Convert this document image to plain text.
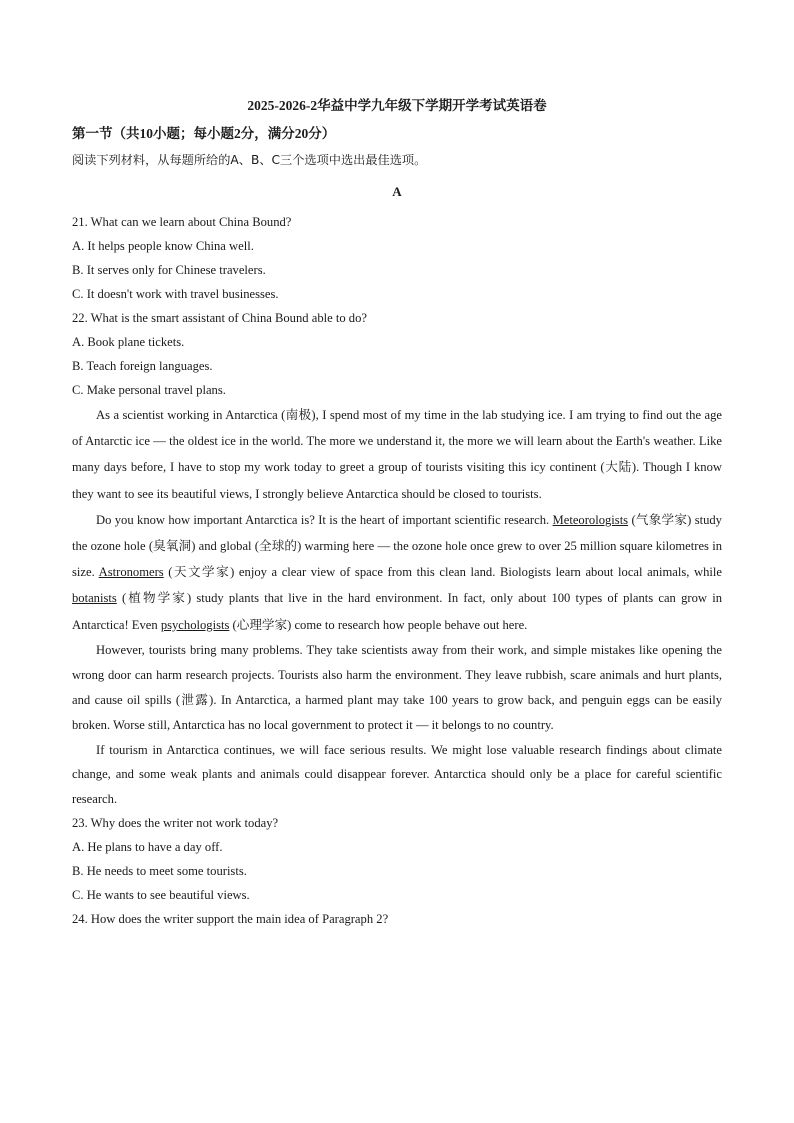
2025-2026-2华益中学九年级下学期开学考试英语卷
第一节（共10小题；每小题2分，满分20分）
阅读下列材料，从每题所给的A、B、C三个选项中选出最佳选项。
A
21. What can we learn about China Bound?
A. It helps people know China well.
B. It serves only for Chinese travelers.
C. It doesn't work with travel businesses.
22. What is the smart assistant of China Bound able to do?
A. Book plane tickets.
B. Teach foreign languages.
C. Make personal travel plans.

As a scientist working in Antarctica (南极), I spend most of my time in the lab studying ice. I am trying to find out the age of Antarctic ice — the oldest ice in the world. The more we understand it, the more we will learn about the Earth's weather. Like many days before, I have to stop my work today to greet a group of tourists visiting this icy continent (大陆). Though I know they want to see its beautiful views, I strongly believe Antarctica should be closed to tourists.

Do you know how important Antarctica is? It is the heart of important scientific research. Meteorologists (气象学家) study the ozone hole (臭氧洞) and global (全球的) warming here — the ozone hole once grew to over 25 million square kilometres in size. Astronomers (天文学家) enjoy a clear view of space from this clean land. Biologists learn about local animals, while botanists (植物学家) study plants that live in the hard environment. In fact, only about 100 types of plants can grow in Antarctica! Even psychologists (心理学家) come to research how people behave out here.

However, tourists bring many problems. They take scientists away from their work, and simple mistakes like opening the wrong door can harm research projects. Tourists also harm the environment. They leave rubbish, scare animals and hurt plants, and cause oil spills (泄露). In Antarctica, a harmed plant may take 100 years to grow back, and penguin eggs can be easily broken. Worse still, Antarctica has no local government to protect it — it belongs to no country.

If tourism in Antarctica continues, we will face serious results. We might lose valuable research findings about climate change, and some weak plants and animals could disappear forever. Antarctica should only be a place for careful scientific research.

23. Why does the writer not work today?
A. He plans to have a day off.
B. He needs to meet some tourists.
C. He wants to see beautiful views.
24. How does the writer support the main idea of Paragraph 2?
